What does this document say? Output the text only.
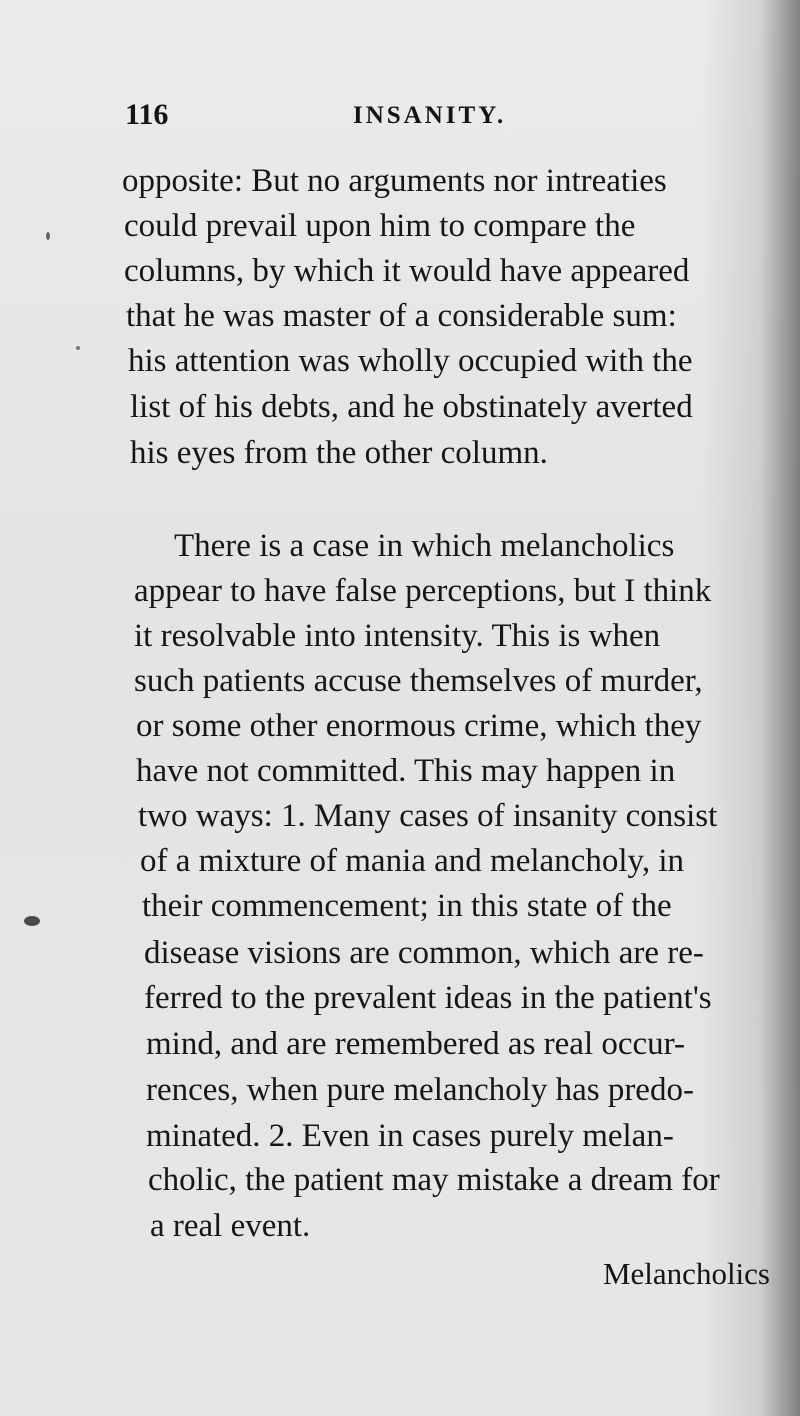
116	INSANITY.
opposite: But no arguments nor intreaties
could prevail upon him to compare the
columns, by which it would have appeared
that he was master of a considerable sum:
his attention was wholly occupied with the
list of his debts, and he obstinately averted
his eyes from the other column.
There is a case in which melancholics
appear to have false perceptions, but I think
it resolvable into intensity. This is when
such patients accuse themselves of murder,
or some other enormous crime, which they
have not committed. This may happen in
two ways: 1. Many cases of insanity consist
of a mixture of mania and melancholy, in
their commencement; in this state of the
disease visions are common, which are re-
ferred to the prevalent ideas in the patient's
mind, and are remembered as real occur-
rences, when pure melancholy has predo-
minated. 2. Even in cases purely melan-
cholic, the patient may mistake a dream for
a real event.
Melancholics
